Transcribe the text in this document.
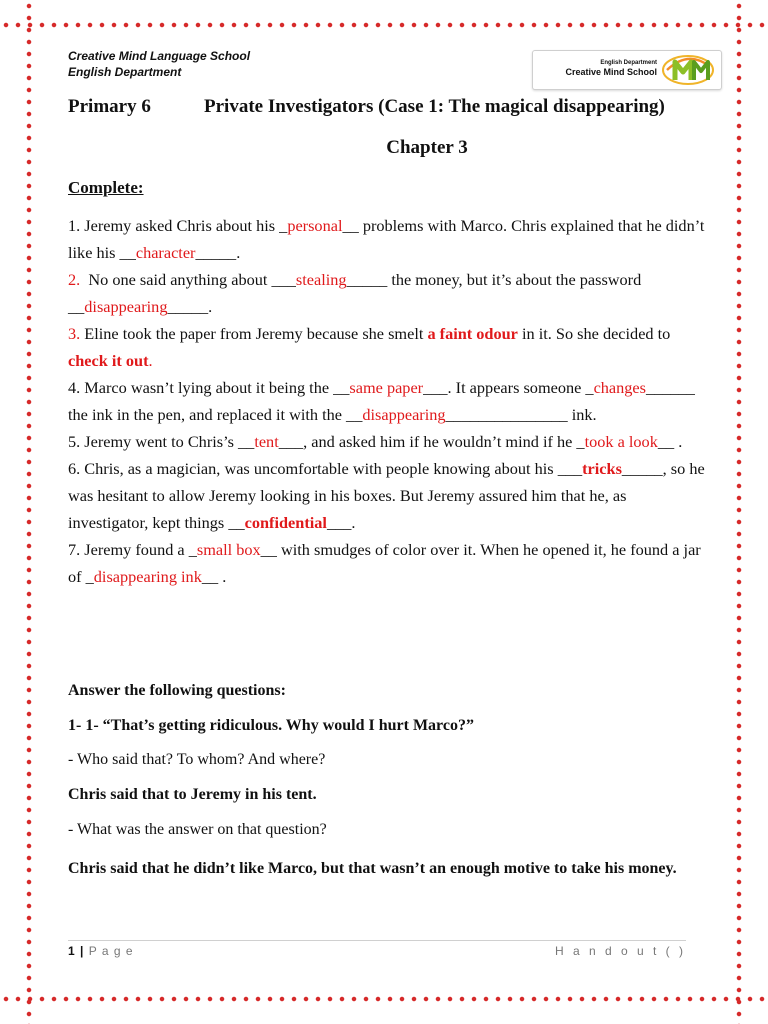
Creative Mind Language School
English Department
English Department
Creative Mind School
Primary 6	Private Investigators (Case 1: The magical disappearing)
Chapter 3
Complete:
1. Jeremy asked Chris about his _personal__ problems with Marco. Chris explained that he didn’t like his __character_____.
2.  No one said anything about ___stealing_____ the money, but it’s about the password __disappearing_____.
3. Eline took the paper from Jeremy because she smelt a faint odour in it. So she decided to check it out.
4. Marco wasn’t lying about it being the __same paper___. It appears someone _changes______ the ink in the pen, and replaced it with the __disappearing_______________ ink.
5. Jeremy went to Chris’s __tent___, and asked him if he wouldn’t mind if he _took a look__ .
6. Chris, as a magician, was uncomfortable with people knowing about his ___tricks_____, so he was hesitant to allow Jeremy looking in his boxes. But Jeremy assured him that he, as investigator, kept things __confidential___.
7. Jeremy found a _small box__ with smudges of color over it. When he opened it, he found a jar of _disappearing ink__ .
Answer the following questions:
1- 1- “That’s getting ridiculous. Why would I hurt Marco?”
- Who said that? To whom? And where?
Chris said that to Jeremy in his tent.
- What was the answer on that question?
Chris said that he didn’t like Marco, but that wasn’t an enough motive to take his money.
1 | P a g e	H a n d o u t ( )
